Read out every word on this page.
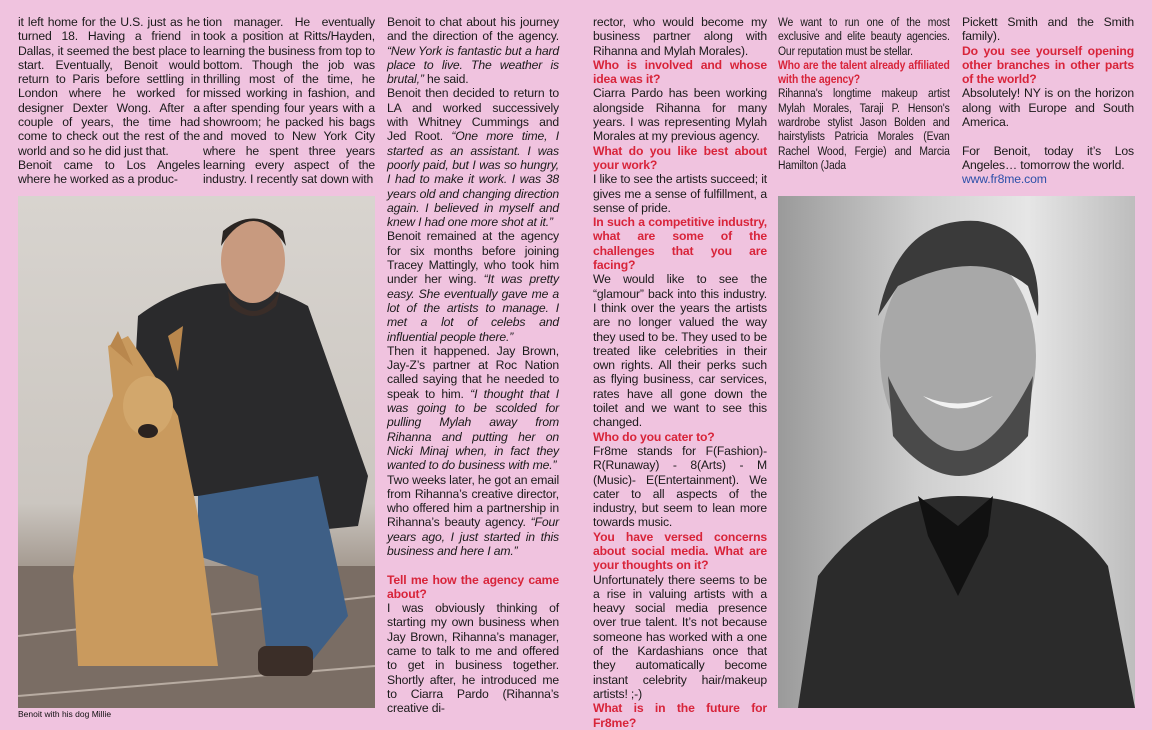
it left home for the U.S. just as he turned 18. Having a friend in Dallas, it seemed the best place to start. Eventually, Benoit would return to Paris before settling in London where he worked for designer Dexter Wong. After a couple of years, the time had come to check out the rest of the world and so he did just that.

Benoit came to Los Angeles where he worked as a produc-

tion manager. He eventually took a position at Ritts/Hayden, learning the business from top to bottom. Though the job was thrilling most of the time, he missed working in fashion, and after spending four years with a showroom; he packed his bags and moved to New York City where he spent three years learning every aspect of the industry. I recently sat down with

Benoit to chat about his journey and the direction of the agency. “New York is fantastic but a hard place to live. The weather is brutal,” he said.

Benoit then decided to return to LA and worked successively with Whitney Cummings and Jed Root. “One more time, I started as an assistant. I was poorly paid, but I was so hungry, I had to make it work. I was 38 years old and changing direction again. I believed in myself and knew I had one more shot at it.”

Benoit remained at the agency for six months before joining Tracey Mattingly, who took him under her wing. “It was pretty easy. She eventually gave me a lot of the artists to manage. I met a lot of celebs and influential people there.”

Then it happened. Jay Brown, Jay-Z’s partner at Roc Nation called saying that he needed to speak to him. “I thought that I was going to be scolded for pulling Mylah away from Rihanna and putting her on Nicki Minaj when, in fact they wanted to do business with me.”

Two weeks later, he got an email from Rihanna’s creative director, who offered him a partnership in Rihanna’s beauty agency. “Four years ago, I just started in this business and here I am.”

Tell me how the agency came about?

I was obviously thinking of starting my own business when Jay Brown, Rihanna’s manager, came to talk to me and offered to get in business together. Shortly after, he introduced me to Ciarra Pardo (Rihanna’s creative di-

rector, who would become my business partner along with Rihanna and Mylah Morales).

Who is involved and whose idea was it?

Ciarra Pardo has been working alongside Rihanna for many years. I was representing Mylah Morales at my previous agency.

What do you like best about your work?

I like to see the artists succeed; it gives me a sense of fulfillment, a sense of pride.

In such a competitive industry, what are some of the challenges that you are facing?

We would like to see the “glamour” back into this industry. I think over the years the artists are no longer valued the way they used to be. They used to be treated like celebrities in their own rights. All their perks such as flying business, car services, rates have all gone down the toilet and we want to see this changed.

Who do you cater to?

Fr8me stands for F(Fashion)-R(Runaway) - 8(Arts) - M (Music)- E(Entertainment). We cater to all aspects of the industry, but seem to lean more towards music.

You have versed concerns about social media. What are your thoughts on it?

Unfortunately there seems to be a rise in valuing artists with a heavy social media presence over true talent. It’s not because someone has worked with a one of the Kardashians once that they automatically become instant celebrity hair/makeup artists! ;-)

What is in the future for Fr8me?

We want to run one of the most exclusive and elite beauty agencies. Our reputation must be stellar.

Who are the talent already affiliated with the agency?

Rihanna's longtime makeup artist Mylah Morales, Taraji P. Henson's wardrobe stylist Jason Bolden and hairstylists Patricia Morales (Evan Rachel Wood, Fergie) and Marcia Hamilton (Jada

Pickett Smith and the Smith family).

Do you see yourself opening other branches in other parts of the world?

Absolutely! NY is on the horizon along with Europe and South America.

For Benoit, today it’s Los Angeles… tomorrow the world.

www.fr8me.com

Benoit with his dog Millie
